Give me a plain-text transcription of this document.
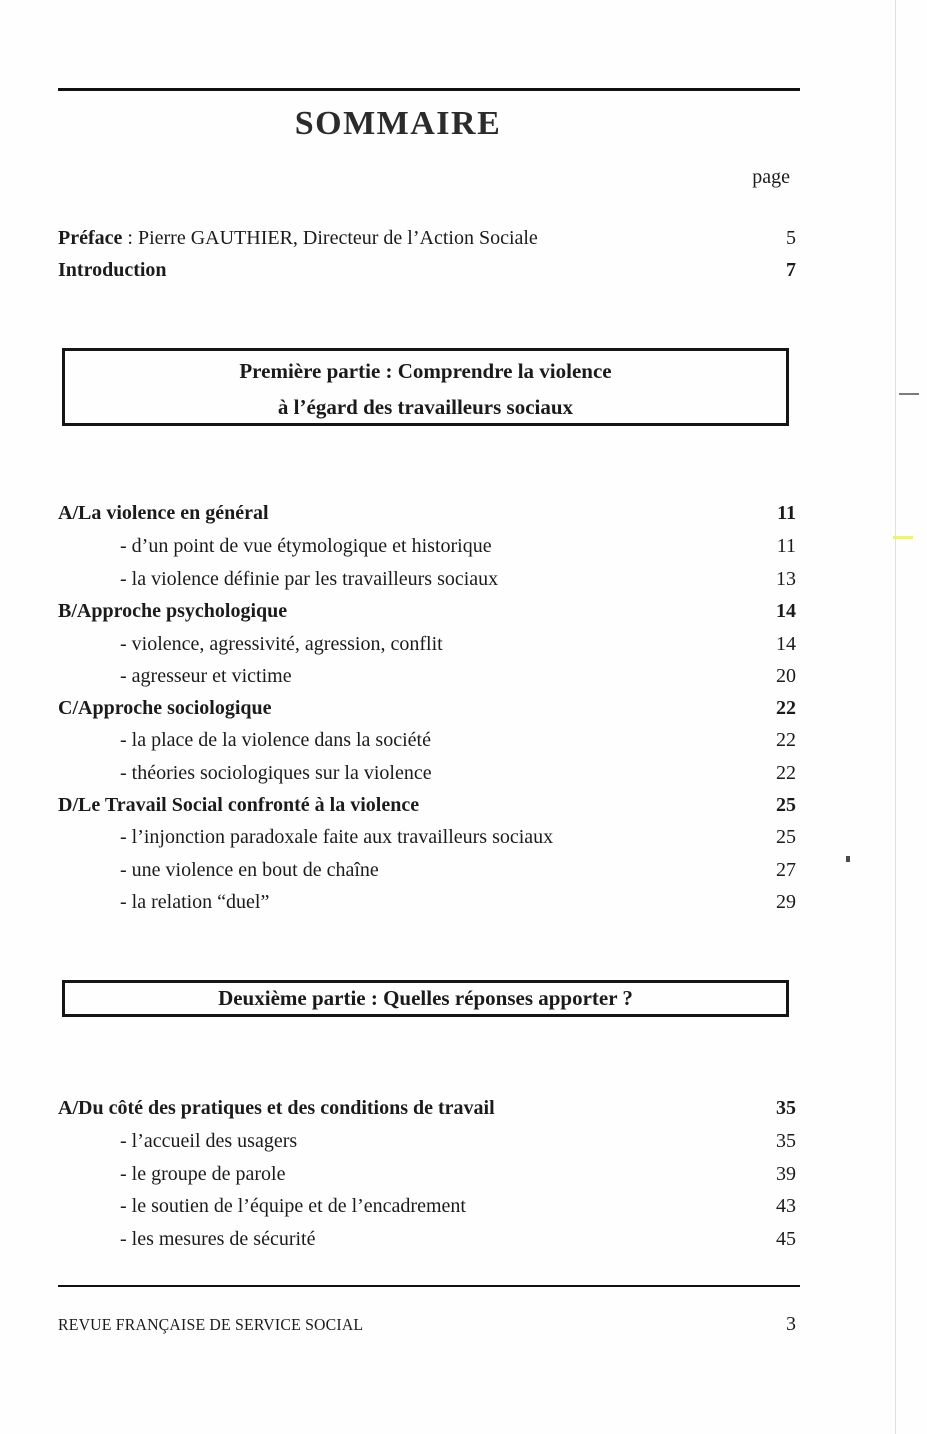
SOMMAIRE
page
Préface : Pierre GAUTHIER, Directeur de l’Action Sociale	5
Introduction	7
Première partie : Comprendre la violence
à l’égard des travailleurs sociaux
A/La violence en général	11
- d’un point de vue étymologique et historique	11
- la violence définie par les travailleurs sociaux	13
B/Approche psychologique	14
- violence, agressivité, agression, conflit	14
- agresseur et victime	20
C/Approche sociologique	22
- la place de la violence dans la société	22
- théories sociologiques sur la violence	22
D/Le Travail Social confronté à la violence	25
- l’injonction paradoxale faite aux travailleurs sociaux	25
- une violence en bout de chaîne	27
- la relation “duel”	29
Deuxième partie : Quelles réponses apporter ?
A/Du côté des pratiques et des conditions de travail	35
- l’accueil des usagers	35
- le groupe de parole	39
- le soutien de l’équipe et de l’encadrement	43
- les mesures de sécurité	45
REVUE FRANÇAISE DE SERVICE SOCIAL	3
